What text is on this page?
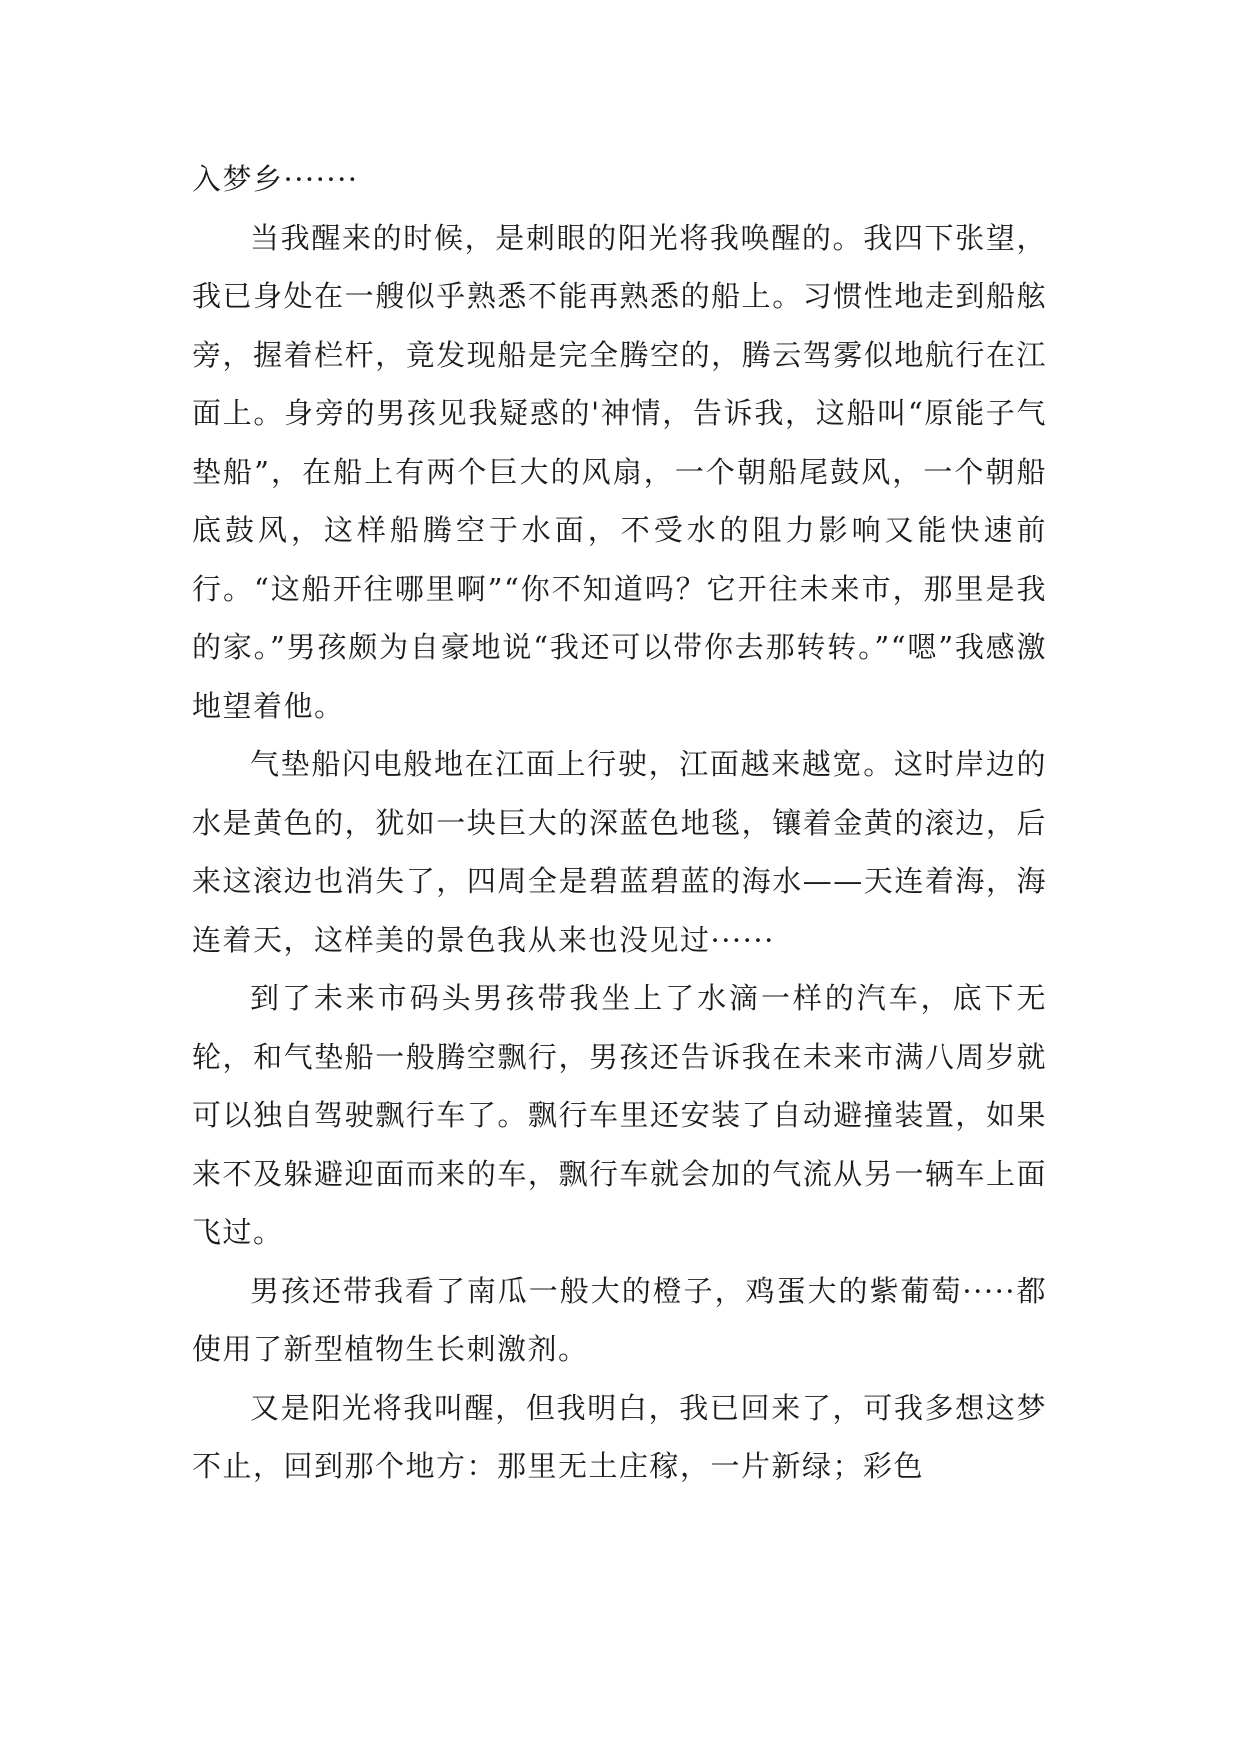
入梦乡·······

当我醒来的时候，是刺眼的阳光将我唤醒的。我四下张望，我已身处在一艘似乎熟悉不能再熟悉的船上。习惯性地走到船舷旁，握着栏杆，竟发现船是完全腾空的，腾云驾雾似地航行在江面上。身旁的男孩见我疑惑的'神情，告诉我，这船叫“原能子气垫船”，在船上有两个巨大的风扇，一个朝船尾鼓风，一个朝船底鼓风，这样船腾空于水面，不受水的阻力影响又能快速前行。“这船开往哪里啊”“你不知道吗？它开往未来市，那里是我的家。”男孩颇为自豪地说“我还可以带你去那转转。”“嗯”我感激地望着他。

气垫船闪电般地在江面上行驶，江面越来越宽。这时岸边的水是黄色的，犹如一块巨大的深蓝色地毯，镶着金黄的滚边，后来这滚边也消失了，四周全是碧蓝碧蓝的海水——天连着海，海连着天，这样美的景色我从来也没见过······

到了未来市码头男孩带我坐上了水滴一样的汽车，底下无轮，和气垫船一般腾空飘行，男孩还告诉我在未来市满八周岁就可以独自驾驶飘行车了。飘行车里还安装了自动避撞装置，如果来不及躲避迎面而来的车，飘行车就会加的气流从另一辆车上面飞过。

男孩还带我看了南瓜一般大的橙子，鸡蛋大的紫葡萄·····都使用了新型植物生长刺激剂。

又是阳光将我叫醒，但我明白，我已回来了，可我多想这梦不止，回到那个地方：那里无土庄稼，一片新绿；彩色
